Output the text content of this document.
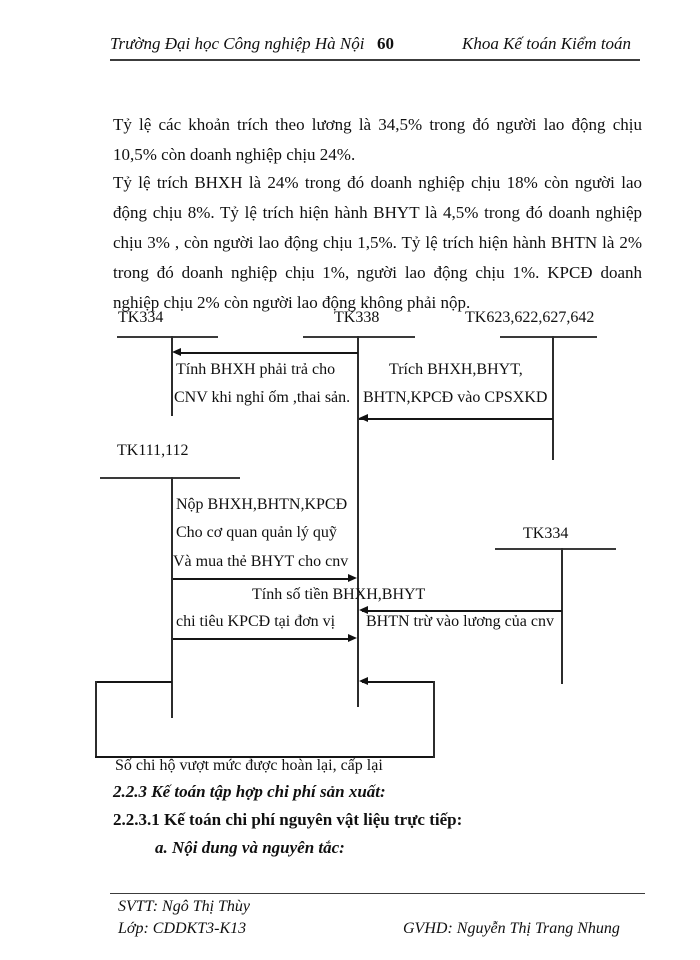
Trường Đại học Công nghiệp Hà Nội 60	Khoa Kế toán Kiểm toán
Tỷ lệ các khoản trích theo lương là 34,5% trong đó người lao động chịu 10,5% còn doanh nghiệp chịu 24%.
Tỷ lệ trích BHXH là 24% trong đó doanh nghiệp chịu 18% còn người lao động chịu 8%. Tỷ lệ trích hiện hành BHYT là 4,5% trong đó doanh nghiệp chịu 3% , còn người lao động chịu 1,5%. Tỷ lệ trích hiện hành BHTN là 2% trong đó doanh nghiệp chịu 1%, người lao động chịu 1%. KPCĐ doanh nghiệp chịu 2% còn người lao động không phải nộp.
TK334	TK338	TK623,622,627,642
TK111,112
TK334
Tính BHXH phải trả cho
CNV khi nghỉ ốm ,thai sản.
Trích BHXH,BHYT,
BHTN,KPCĐ vào CPSXKD
Nộp BHXH,BHTN,KPCĐ
Cho cơ quan quản lý quỹ
Và mua thẻ BHYT cho cnv
Tính số tiền BHXH,BHYT
chi tiêu KPCĐ tại đơn vị BHTN trừ vào lương của cnv
Số chi hộ vượt mức được hoàn lại, cấp lại
2.2.3 Kế toán tập hợp chi phí sản xuất:
2.2.3.1 Kế toán chi phí nguyên vật liệu trực tiếp:
a. Nội dung và nguyên tắc:
SVTT: Ngô Thị Thùy
Lớp: CDDKT3-K13	GVHD: Nguyễn Thị Trang Nhung
